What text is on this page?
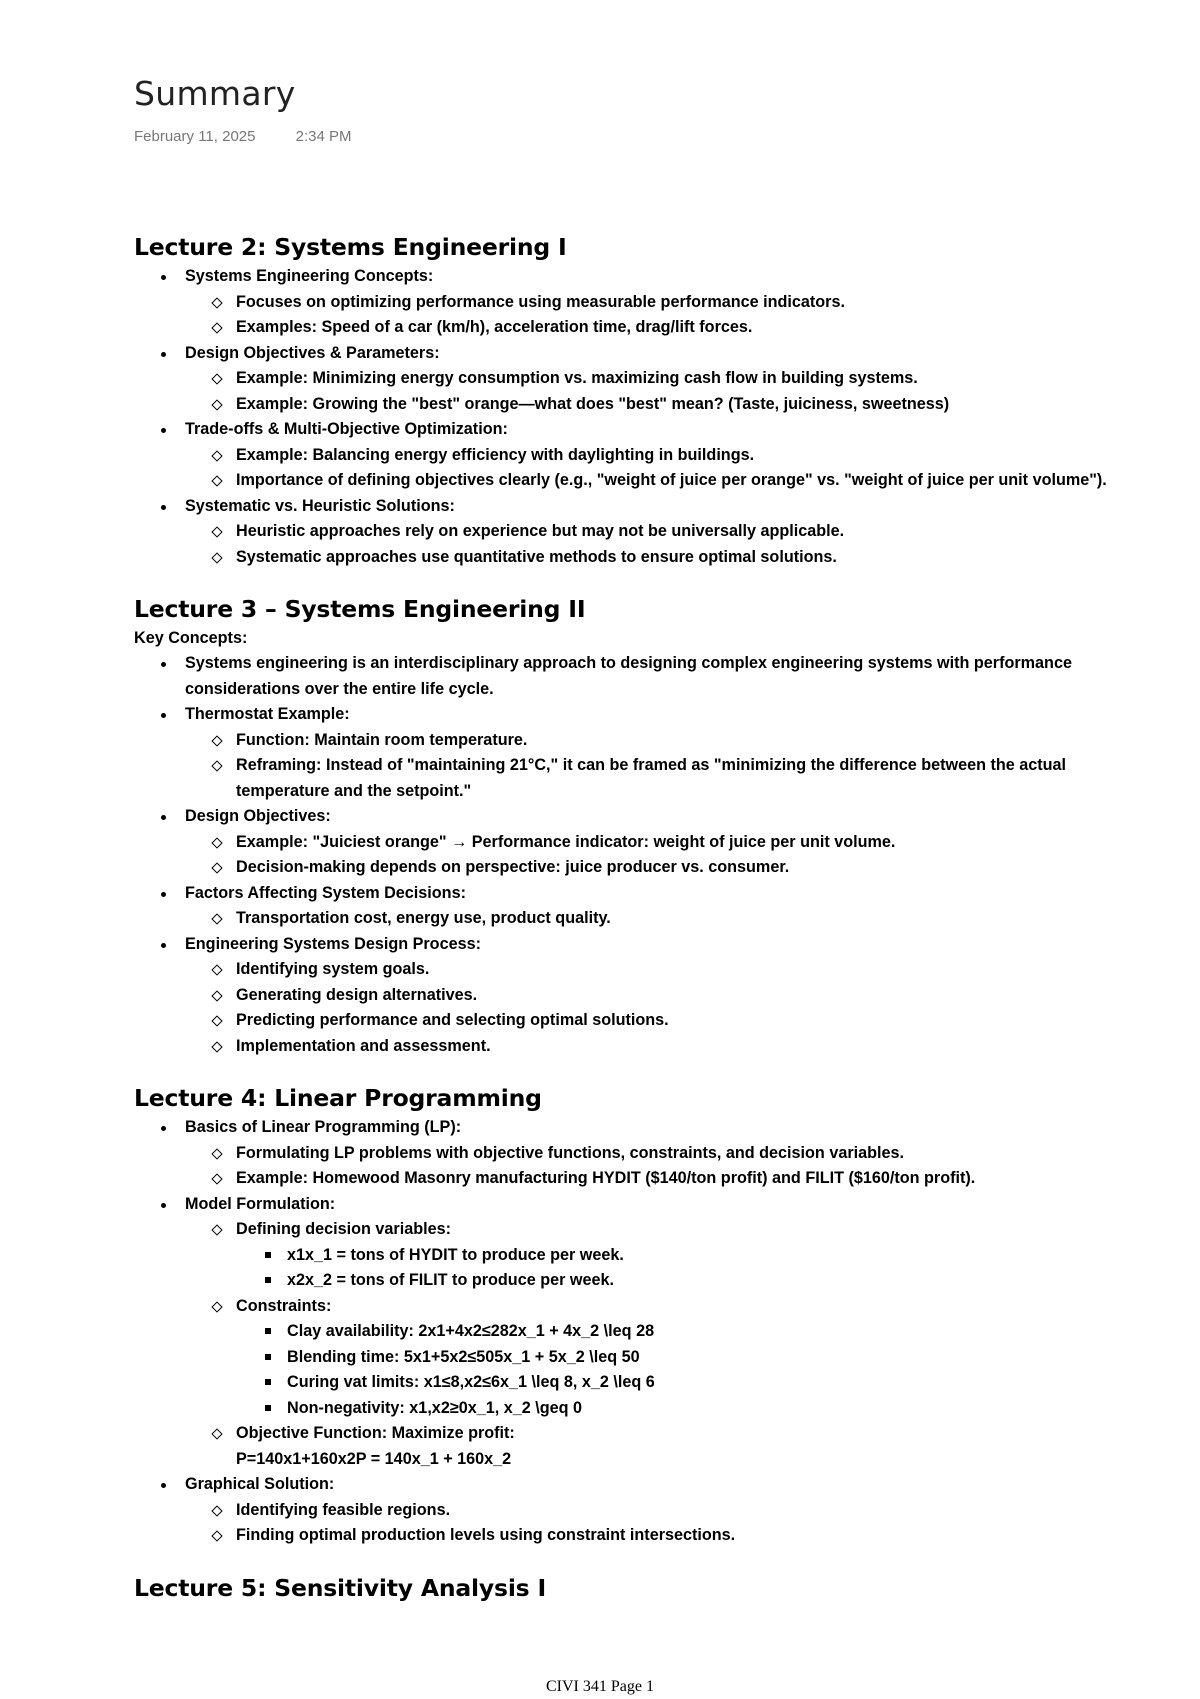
Summary
February 11, 2025	2:34 PM
Lecture 2: Systems Engineering I
Systems Engineering Concepts:
Focuses on optimizing performance using measurable performance indicators.
Examples: Speed of a car (km/h), acceleration time, drag/lift forces.
Design Objectives & Parameters:
Example: Minimizing energy consumption vs. maximizing cash flow in building systems.
Example: Growing the "best" orange—what does "best" mean? (Taste, juiciness, sweetness)
Trade-offs & Multi-Objective Optimization:
Example: Balancing energy efficiency with daylighting in buildings.
Importance of defining objectives clearly (e.g., "weight of juice per orange" vs. "weight of juice per unit volume").
Systematic vs. Heuristic Solutions:
Heuristic approaches rely on experience but may not be universally applicable.
Systematic approaches use quantitative methods to ensure optimal solutions.
Lecture 3 – Systems Engineering II
Key Concepts:
Systems engineering is an interdisciplinary approach to designing complex engineering systems with performance considerations over the entire life cycle.
Thermostat Example:
Function: Maintain room temperature.
Reframing: Instead of "maintaining 21°C," it can be framed as "minimizing the difference between the actual temperature and the setpoint."
Design Objectives:
Example: "Juiciest orange" → Performance indicator: weight of juice per unit volume.
Decision-making depends on perspective: juice producer vs. consumer.
Factors Affecting System Decisions:
Transportation cost, energy use, product quality.
Engineering Systems Design Process:
Identifying system goals.
Generating design alternatives.
Predicting performance and selecting optimal solutions.
Implementation and assessment.
Lecture 4: Linear Programming
Basics of Linear Programming (LP):
Formulating LP problems with objective functions, constraints, and decision variables.
Example: Homewood Masonry manufacturing HYDIT ($140/ton profit) and FILIT ($160/ton profit).
Model Formulation:
Defining decision variables:
x1x_1 = tons of HYDIT to produce per week.
x2x_2 = tons of FILIT to produce per week.
Constraints:
Clay availability: 2x1+4x2≤282x_1 + 4x_2 \leq 28
Blending time: 5x1+5x2≤505x_1 + 5x_2 \leq 50
Curing vat limits: x1≤8,x2≤6x_1 \leq 8, x_2 \leq 6
Non-negativity: x1,x2≥0x_1, x_2 \geq 0
Objective Function: Maximize profit:
P=140x1+160x2P = 140x_1 + 160x_2
Graphical Solution:
Identifying feasible regions.
Finding optimal production levels using constraint intersections.
Lecture 5: Sensitivity Analysis I
CIVI 341 Page 1
